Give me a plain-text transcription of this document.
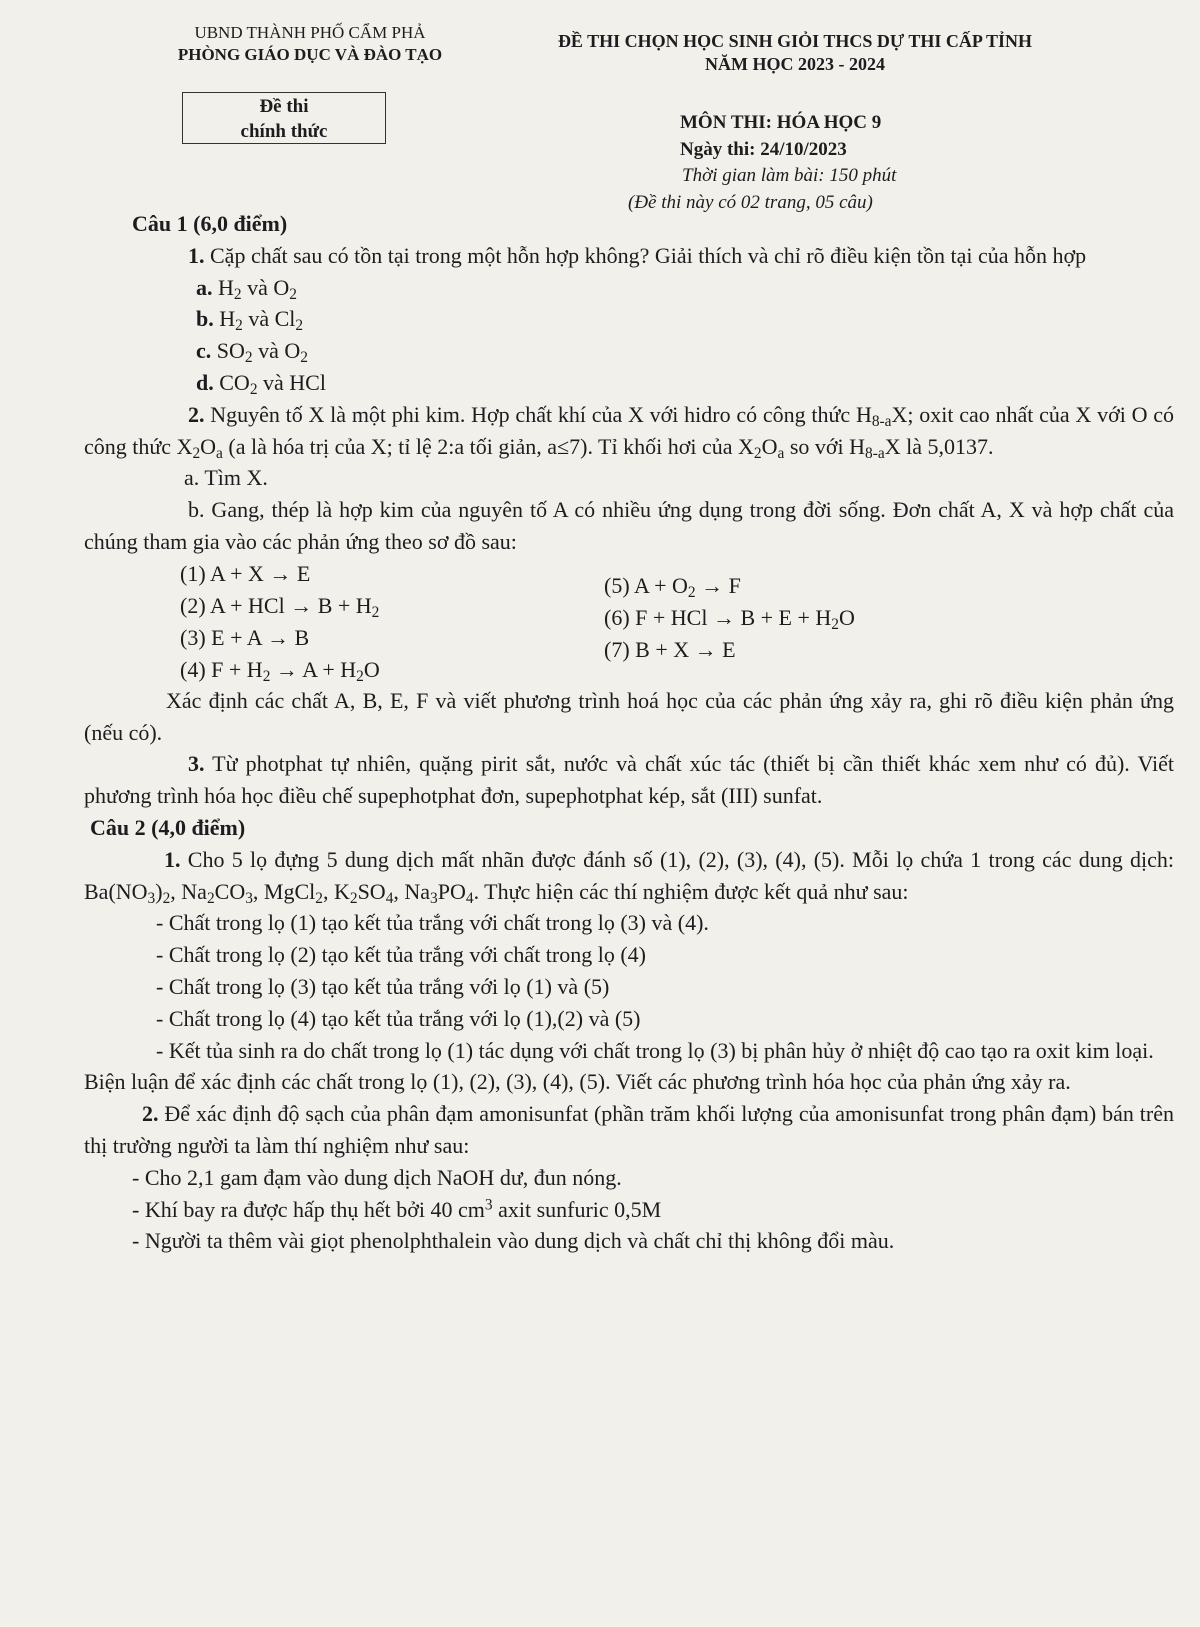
UBND THÀNH PHỐ CẨM PHẢ
PHÒNG GIÁO DỤC VÀ ĐÀO TẠO
ĐỀ THI CHỌN HỌC SINH GIỎI THCS DỰ THI CẤP TỈNH
NĂM HỌC 2023 - 2024
Đề thi
chính thức	MÔN THI: HÓA HỌC 9
Ngày thi: 24/10/2023
Thời gian làm bài: 150 phút
(Đề thi này có 02 trang, 05 câu)

Câu 1 (6,0 điểm)

1. Cặp chất sau có tồn tại trong một hỗn hợp không? Giải thích và chỉ rõ điều kiện tồn tại của hỗn hợp

a. $H_2$ và $O_2$

b. $H_2$ và $Cl_2$

c. $SO_2$ và $O_2$

d. $CO_2$ và HCl

2. Nguyên tố X là một phi kim. Hợp chất khí của X với hidro có công thức $H_{8-a}X$; oxit cao nhất của X với O có công thức $X_2O_a$ (a là hóa trị của X; tỉ lệ 2:a tối giản, a≤7). Tỉ khối hơi của $X_2O_a$ so với $H_{8-a}X$ là 5,0137.

a. Tìm X.

b. Gang, thép là hợp kim của nguyên tố A có nhiều ứng dụng trong đời sống. Đơn chất A, X và hợp chất của chúng tham gia vào các phản ứng theo sơ đồ sau:

(1) A + X → E
(2) A + HCl → $B + H_2$
(3) E + A → B
(4) $F + H_2 \to A + H_2O$
(5) $A + O_2 \to F$
(6) F + HCl → $B + E + H_2O$
(7) B + X → E

Xác định các chất A, B, E, F và viết phương trình hoá học của các phản ứng xảy ra, ghi rõ điều kiện phản ứng (nếu có).

3. Từ photphat tự nhiên, quặng pirit sắt, nước và chất xúc tác (thiết bị cần thiết khác xem như có đủ). Viết phương trình hóa học điều chế supephotphat đơn, supephotphat kép, sắt (III) sunfat.

Câu 2 (4,0 điểm)

1. Cho 5 lọ đựng 5 dung dịch mất nhãn được đánh số (1), (2), (3), (4), (5). Mỗi lọ chứa 1 trong các dung dịch: $Ba(NO_3)_2$, $Na_2CO_3$, MgCl$_2$, $K_2SO_4$, $Na_3PO_4$. Thực hiện các thí nghiệm được kết quả như sau:

- Chất trong lọ (1) tạo kết tủa trắng với chất trong lọ (3) và (4).

- Chất trong lọ (2) tạo kết tủa trắng với chất trong lọ (4)

- Chất trong lọ (3) tạo kết tủa trắng với lọ (1) và (5)

- Chất trong lọ (4) tạo kết tủa trắng với lọ (1),(2) và (5)

- Kết tủa sinh ra do chất trong lọ (1) tác dụng với chất trong lọ (3) bị phân hủy ở nhiệt độ cao tạo ra oxit kim loại.

Biện luận để xác định các chất trong lọ (1), (2), (3), (4), (5). Viết các phương trình hóa học của phản ứng xảy ra.

2. Để xác định độ sạch của phân đạm amonisunfat (phần trăm khối lượng của amonisunfat trong phân đạm) bán trên thị trường người ta làm thí nghiệm như sau:

- Cho 2,1 gam đạm vào dung dịch NaOH dư, đun nóng.

- Khí bay ra được hấp thụ hết bởi 40 $cm^3$ axit sunfuric 0,5M

- Người ta thêm vài giọt phenolphthalein vào dung dịch và chất chỉ thị không đổi màu.
